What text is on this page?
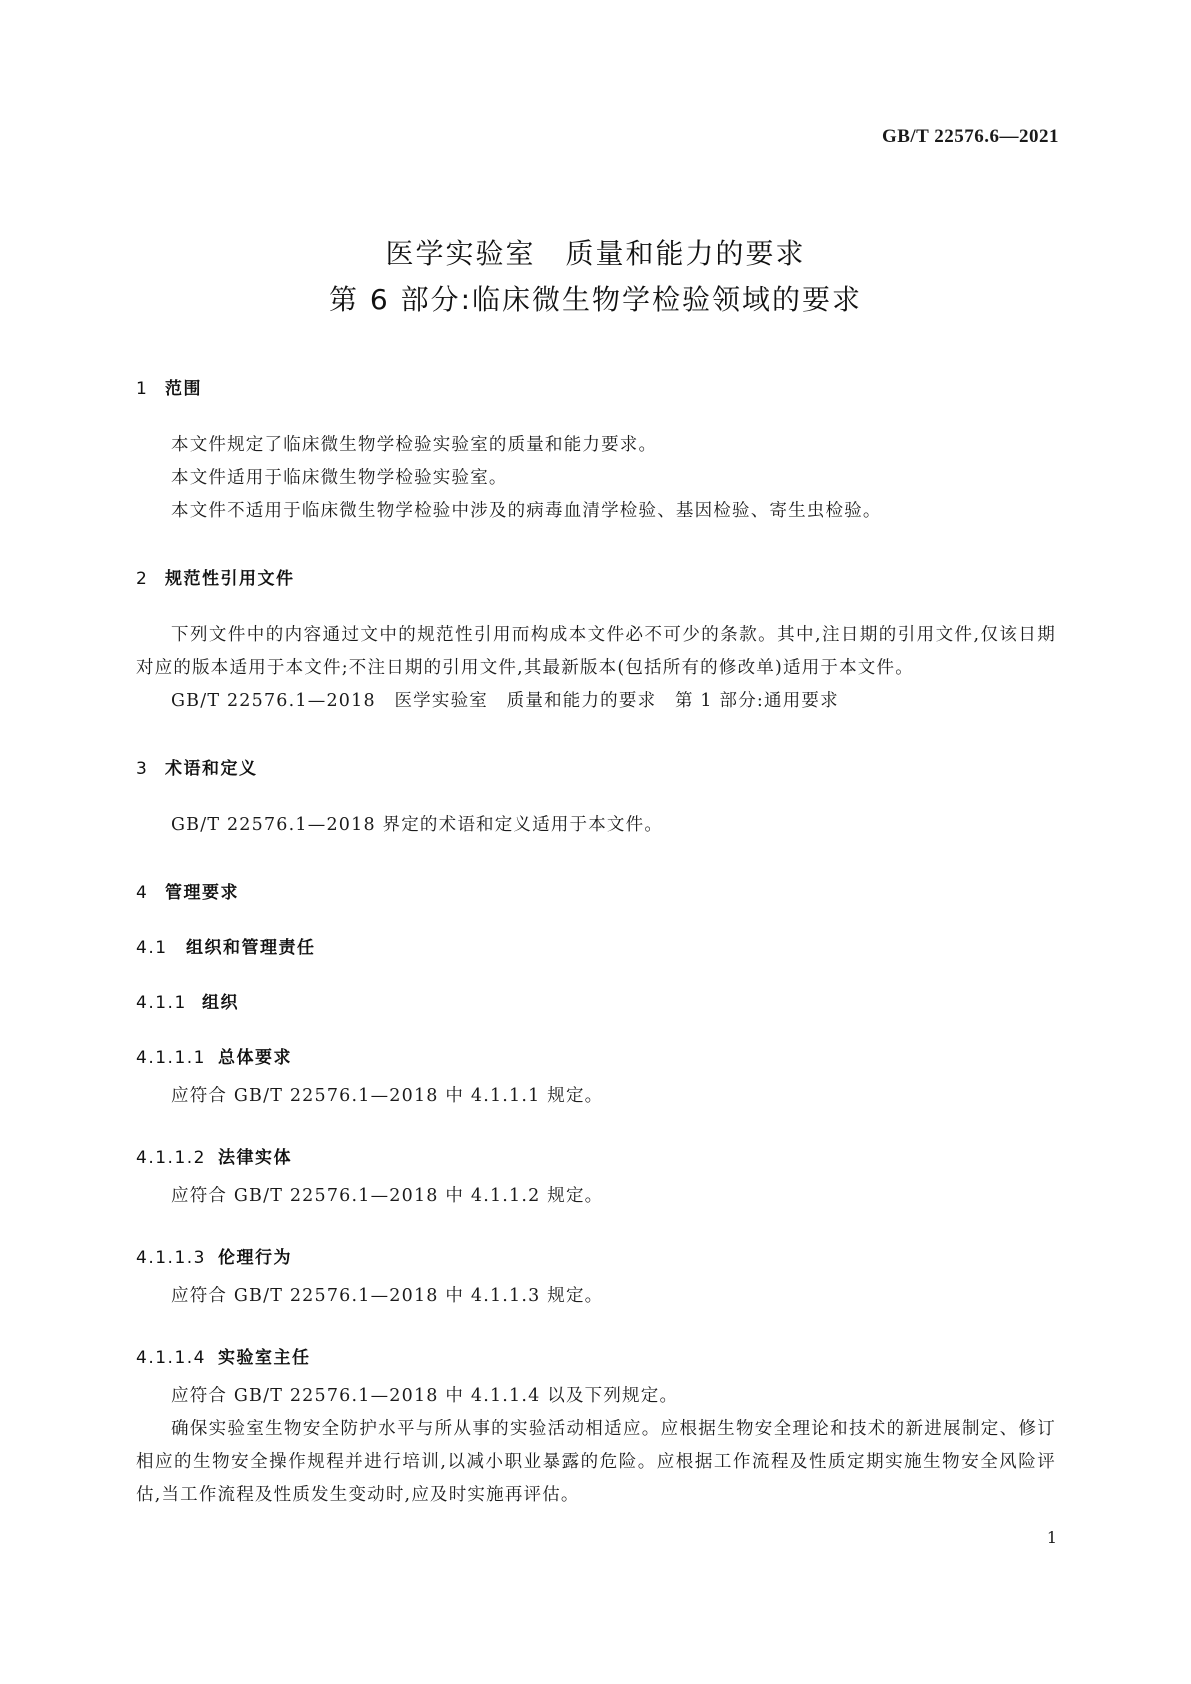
GB/T 22576.6—2021
医学实验室　质量和能力的要求
第 6 部分:临床微生物学检验领域的要求
1 范围
本文件规定了临床微生物学检验实验室的质量和能力要求。
本文件适用于临床微生物学检验实验室。
本文件不适用于临床微生物学检验中涉及的病毒血清学检验、基因检验、寄生虫检验。
2 规范性引用文件
下列文件中的内容通过文中的规范性引用而构成本文件必不可少的条款。其中,注日期的引用文件,仅该日期对应的版本适用于本文件;不注日期的引用文件,其最新版本(包括所有的修改单)适用于本文件。
GB/T 22576.1—2018　医学实验室　质量和能力的要求　第 1 部分:通用要求
3 术语和定义
GB/T 22576.1—2018 界定的术语和定义适用于本文件。
4 管理要求
4.1	组织和管理责任
4.1.1 组织
4.1.1.1 总体要求
应符合 GB/T 22576.1—2018 中 4.1.1.1 规定。
4.1.1.2 法律实体
应符合 GB/T 22576.1—2018 中 4.1.1.2 规定。
4.1.1.3 伦理行为
应符合 GB/T 22576.1—2018 中 4.1.1.3 规定。
4.1.1.4 实验室主任
应符合 GB/T 22576.1—2018 中 4.1.1.4 以及下列规定。
确保实验室生物安全防护水平与所从事的实验活动相适应。应根据生物安全理论和技术的新进展制定、修订相应的生物安全操作规程并进行培训,以减小职业暴露的危险。应根据工作流程及性质定期实施生物安全风险评估,当工作流程及性质发生变动时,应及时实施再评估。
1
